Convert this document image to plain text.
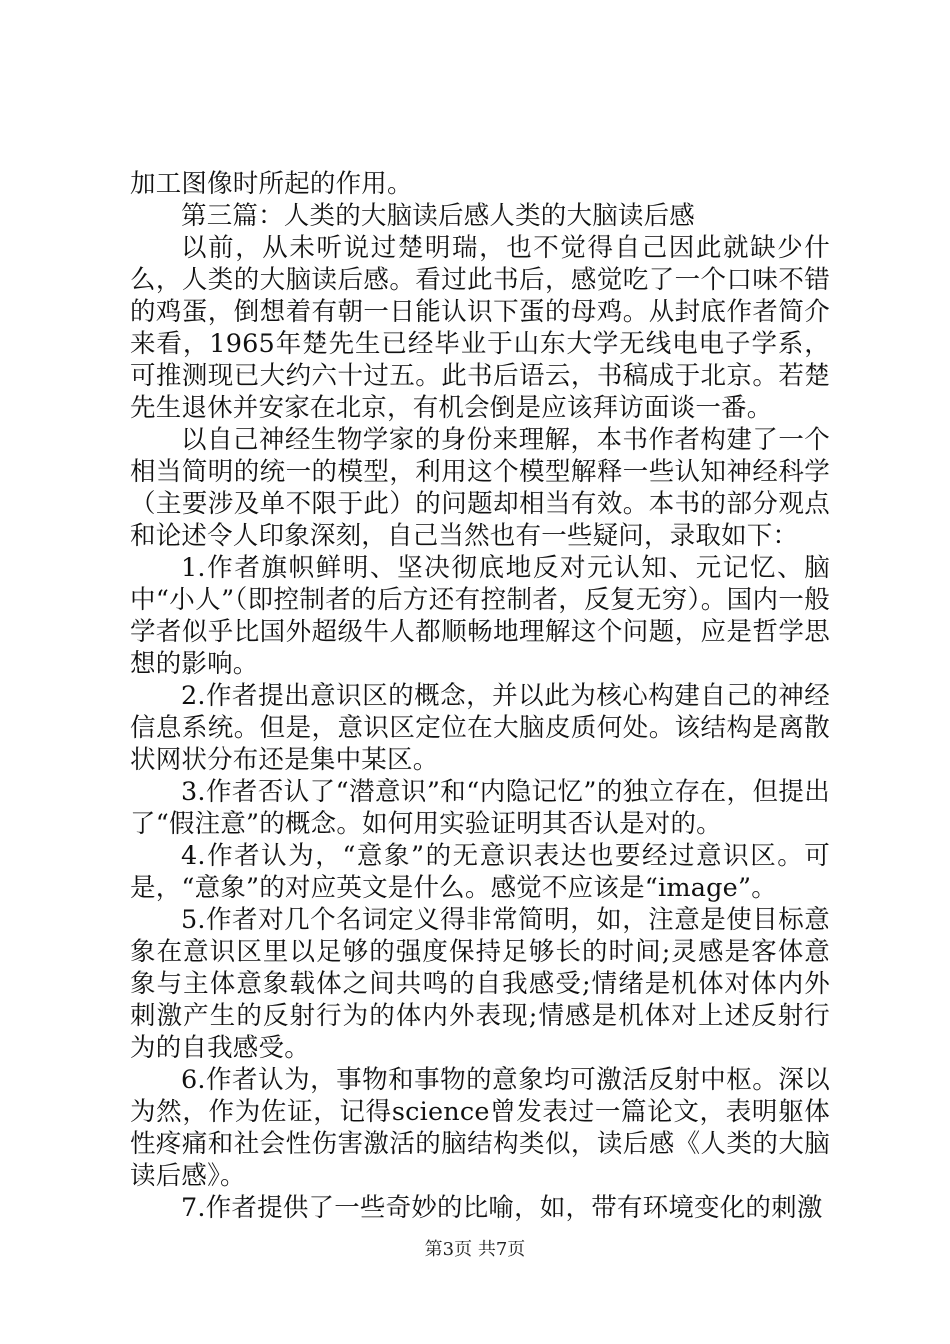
加工图像时所起的作用。

第三篇：人类的大脑读后感人类的大脑读后感

以前，从未听说过楚明瑞，也不觉得自己因此就缺少什么，人类的大脑读后感。看过此书后，感觉吃了一个口味不错的鸡蛋，倒想着有朝一日能认识下蛋的母鸡。从封底作者简介来看，1965年楚先生已经毕业于山东大学无线电电子学系，可推测现已大约六十过五。此书后语云，书稿成于北京。若楚先生退休并安家在北京，有机会倒是应该拜访面谈一番。

以自己神经生物学家的身份来理解，本书作者构建了一个相当简明的统一的模型，利用这个模型解释一些认知神经科学（主要涉及单不限于此）的问题却相当有效。本书的部分观点和论述令人印象深刻，自己当然也有一些疑问，录取如下：

1.作者旗帜鲜明、坚决彻底地反对元认知、元记忆、脑中“小人”（即控制者的后方还有控制者，反复无穷）。国内一般学者似乎比国外超级牛人都顺畅地理解这个问题，应是哲学思想的影响。

2.作者提出意识区的概念，并以此为核心构建自己的神经信息系统。但是，意识区定位在大脑皮质何处。该结构是离散状网状分布还是集中某区。

3.作者否认了“潜意识”和“内隐记忆”的独立存在，但提出了“假注意”的概念。如何用实验证明其否认是对的。

4.作者认为，“意象”的无意识表达也要经过意识区。可是，“意象”的对应英文是什么。感觉不应该是“image”。

5.作者对几个名词定义得非常简明，如，注意是使目标意象在意识区里以足够的强度保持足够长的时间;灵感是客体意象与主体意象载体之间共鸣的自我感受;情绪是机体对体内外刺激产生的反射行为的体内外表现;情感是机体对上述反射行为的自我感受。

6.作者认为，事物和事物的意象均可激活反射中枢。深以为然，作为佐证，记得science曾发表过一篇论文，表明躯体性疼痛和社会性伤害激活的脑结构类似，读后感《人类的大脑读后感》。

7.作者提供了一些奇妙的比喻，如，带有环境变化的刺激

第3页 共7页
